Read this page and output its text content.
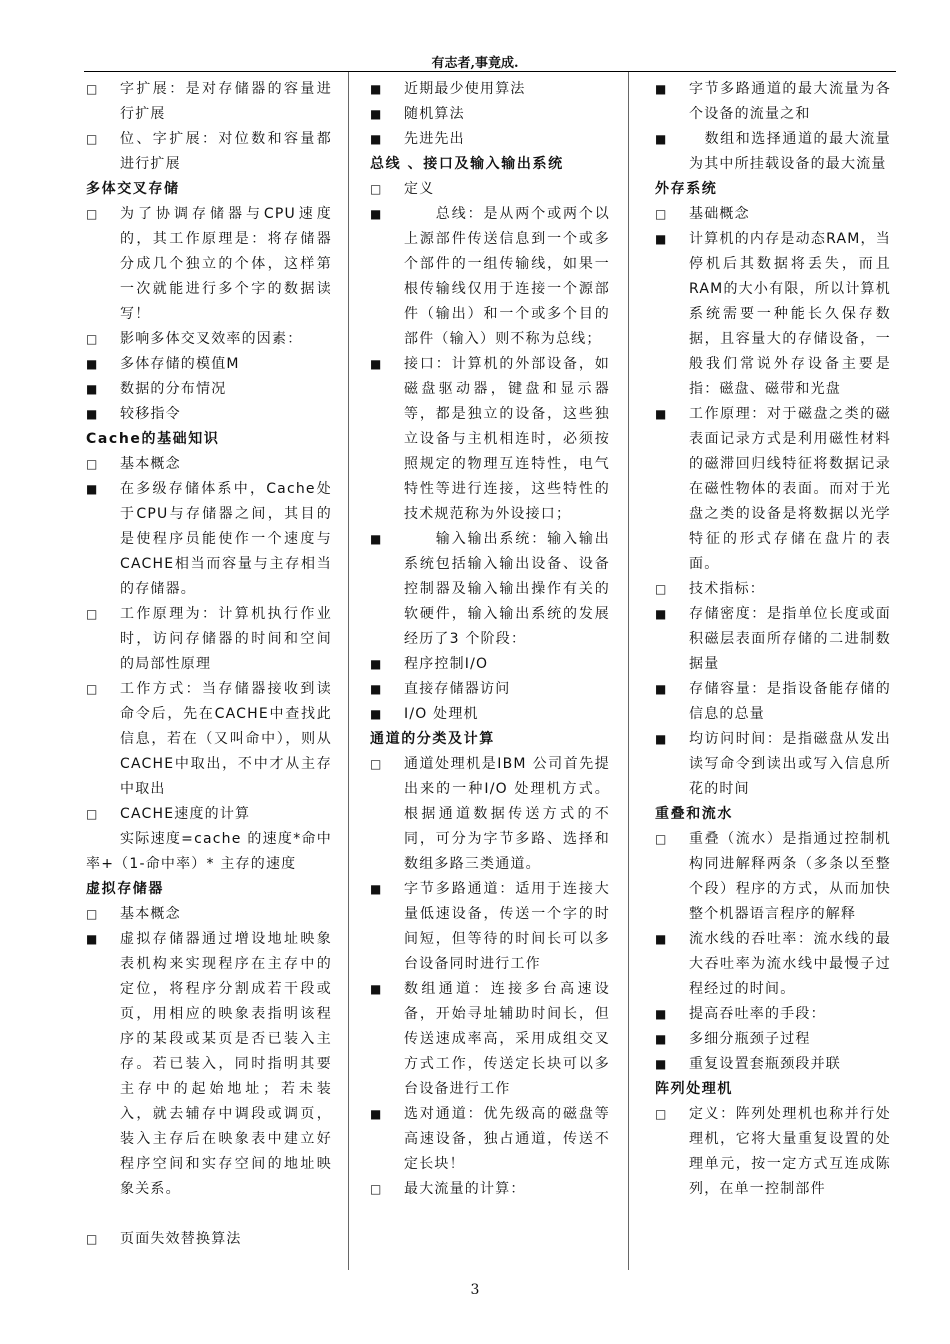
有志者,事竟成.
□	字扩展：是对存储器的容量进行扩展
□	位、字扩展：对位数和容量都进行扩展
多体交叉存储
□	为了协调存储器与CPU速度的，其工作原理是：将存储器分成几个独立的个体，这样第一次就能进行多个字的数据读写！
□	影响多体交叉效率的因素：
■	多体存储的模值M
■	数据的分布情况
■	较移指令
Cache的基础知识
□	基本概念
■	在多级存储体系中，Cache处于CPU与存储器之间，其目的是使程序员能使作一个速度与CACHE相当而容量与主存相当的存储器。
□	工作原理为：计算机执行作业时，访问存储器的时间和空间的局部性原理
□	工作方式：当存储器接收到读命令后，先在CACHE中查找此信息，若在（又叫命中），则从CACHE中取出，不中才从主存中取出
□	CACHE速度的计算
实际速度=cache 的速度*命中率+（1-命中率）* 主存的速度
虚拟存储器
□	基本概念
■	虚拟存储器通过增设地址映象表机构来实现程序在主存中的定位，将程序分割成若干段或页，用相应的映象表指明该程序的某段或某页是否已装入主存。若已装入，同时指明其要主存中的起始地址；若未装入，就去辅存中调段或调页，装入主存后在映象表中建立好程序空间和实存空间的地址映象关系。
□	页面失效替换算法
■	近期最少使用算法
■	随机算法
■	先进先出
总线 、接口及输入输出系统
□	定义
■	　　总线：是从两个或两个以上源部件传送信息到一个或多个部件的一组传输线，如果一根传输线仅用于连接一个源部件（输出）和一个或多个目的部件（输入）则不称为总线；
■	接口：计算机的外部设备，如磁盘驱动器，键盘和显示器等，都是独立的设备，这些独立设备与主机相连时，必须按照规定的物理互连特性，电气特性等进行连接，这些特性的技术规范称为外设接口；
■	　　输入输出系统：输入输出系统包括输入输出设备、设备控制器及输入输出操作有关的软硬件，输入输出系统的发展经历了3 个阶段：
■	程序控制I/O
■	直接存储器访问
■	I/O 处理机
通道的分类及计算
□	通道处理机是IBM 公司首先提出来的一种I/O 处理机方式。根据通道数据传送方式的不同，可分为字节多路、选择和数组多路三类通道。
■	字节多路通道：适用于连接大量低速设备，传送一个字的时间短，但等待的时间长可以多台设备同时进行工作
■	数组通道：连接多台高速设备，开始寻址辅助时间长，但传送速成率高，采用成组交叉方式工作，传送定长块可以多台设备进行工作
■	选对通道：优先级高的磁盘等高速设备，独占通道，传送不定长块！
□	最大流量的计算：
■	字节多路通道的最大流量为各个设备的流量之和
■	　数组和选择通道的最大流量为其中所挂载设备的最大流量
外存系统
□	基础概念
■	计算机的内存是动态RAM，当停机后其数据将丢失，而且RAM的大小有限，所以计算机系统需要一种能长久保存数据，且容量大的存储设备，一般我们常说外存设备主要是指：磁盘、磁带和光盘
■	工作原理：对于磁盘之类的磁表面记录方式是利用磁性材料的磁滞回归线特征将数据记录在磁性物体的表面。而对于光盘之类的设备是将数据以光学特征的形式存储在盘片的表面。
□	技术指标：
■	存储密度：是指单位长度或面积磁层表面所存储的二进制数据量
■	存储容量：是指设备能存储的信息的总量
■	均访问时间：是指磁盘从发出读写命令到读出或写入信息所花的时间
重叠和流水
□	重叠（流水）是指通过控制机构同进解释两条（多条以至整个段）程序的方式，从而加快整个机器语言程序的解释
■	流水线的吞吐率：流水线的最大吞吐率为流水线中最慢子过程经过的时间。
■	提高吞吐率的手段：
■	多细分瓶颈子过程
■	重复设置套瓶颈段并联
阵列处理机
□	定义：阵列处理机也称并行处理机，它将大量重复设置的处理单元，按一定方式互连成陈列，在单一控制部件
3
